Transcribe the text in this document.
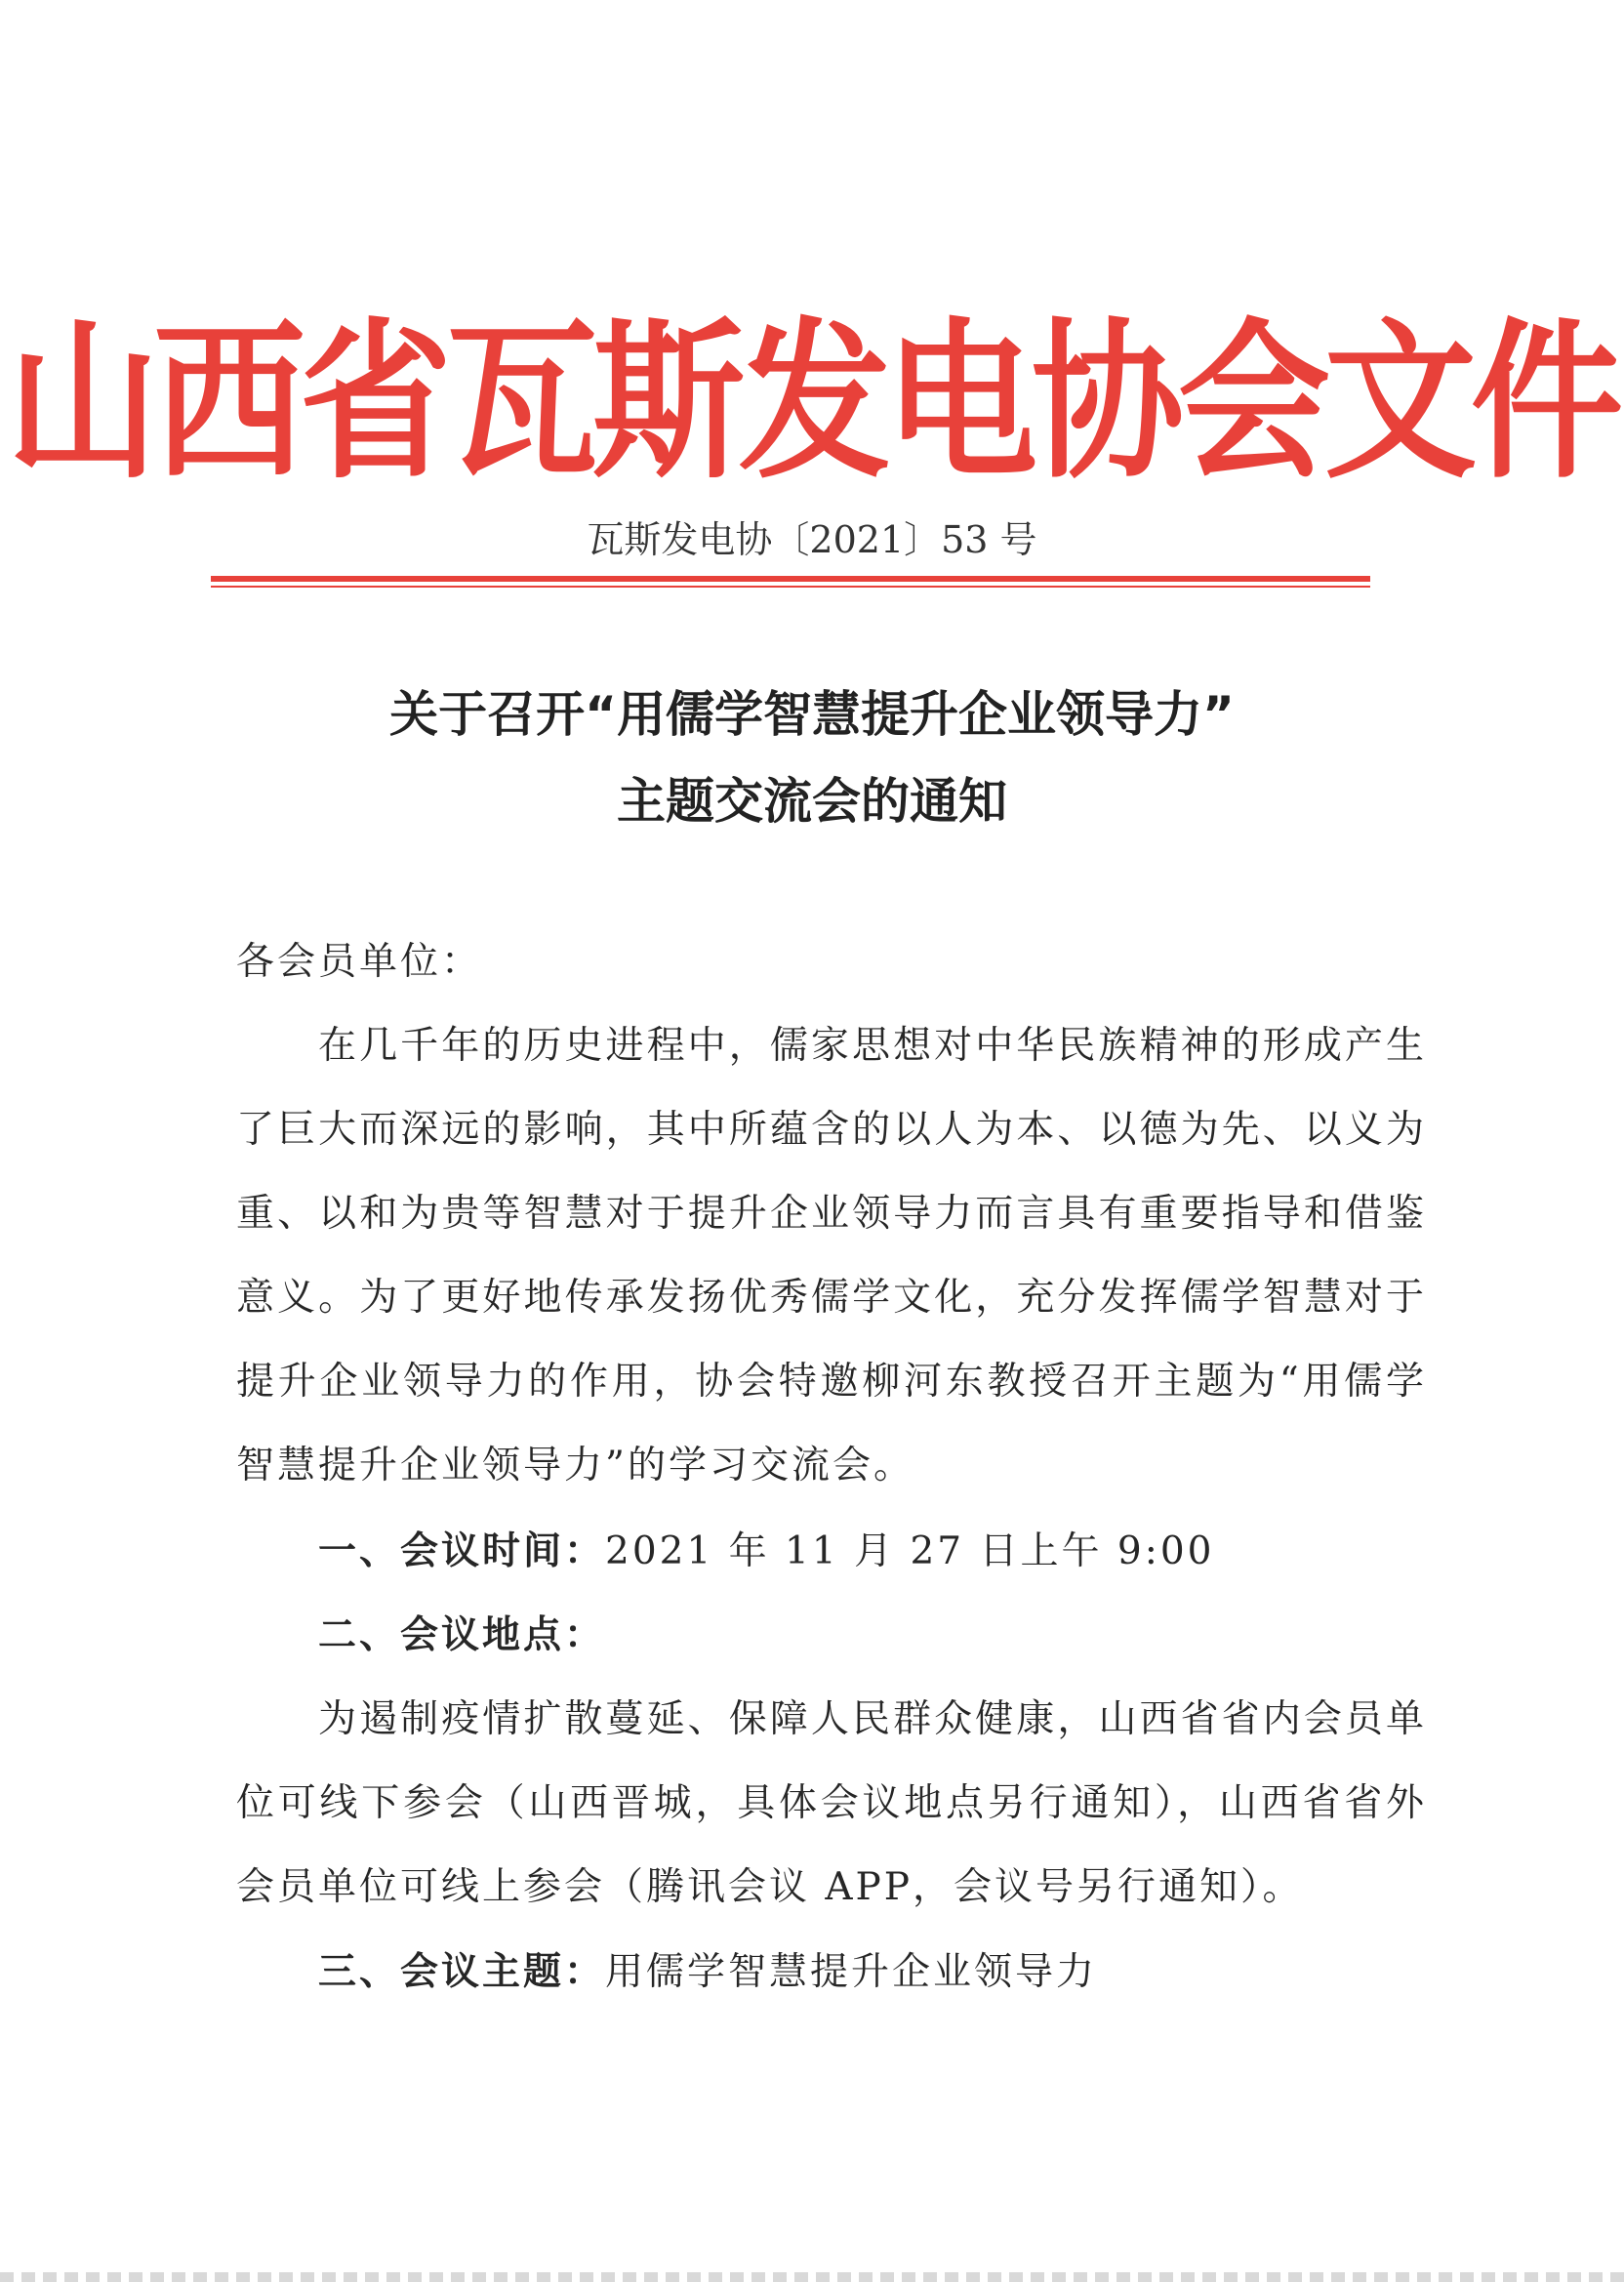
山西省瓦斯发电协会文件
瓦斯发电协〔2021〕53 号
关于召开“用儒学智慧提升企业领导力”
主题交流会的通知
各会员单位：
在几千年的历史进程中，儒家思想对中华民族精神的形成产生了巨大而深远的影响，其中所蕴含的以人为本、以德为先、以义为重、以和为贵等智慧对于提升企业领导力而言具有重要指导和借鉴意义。为了更好地传承发扬优秀儒学文化，充分发挥儒学智慧对于提升企业领导力的作用，协会特邀柳河东教授召开主题为“用儒学智慧提升企业领导力”的学习交流会。
一、会议时间：2021 年 11 月 27 日上午 9:00
二、会议地点：
为遏制疫情扩散蔓延、保障人民群众健康，山西省省内会员单位可线下参会（山西晋城，具体会议地点另行通知），山西省省外会员单位可线上参会（腾讯会议 APP，会议号另行通知）。
三、会议主题：用儒学智慧提升企业领导力
